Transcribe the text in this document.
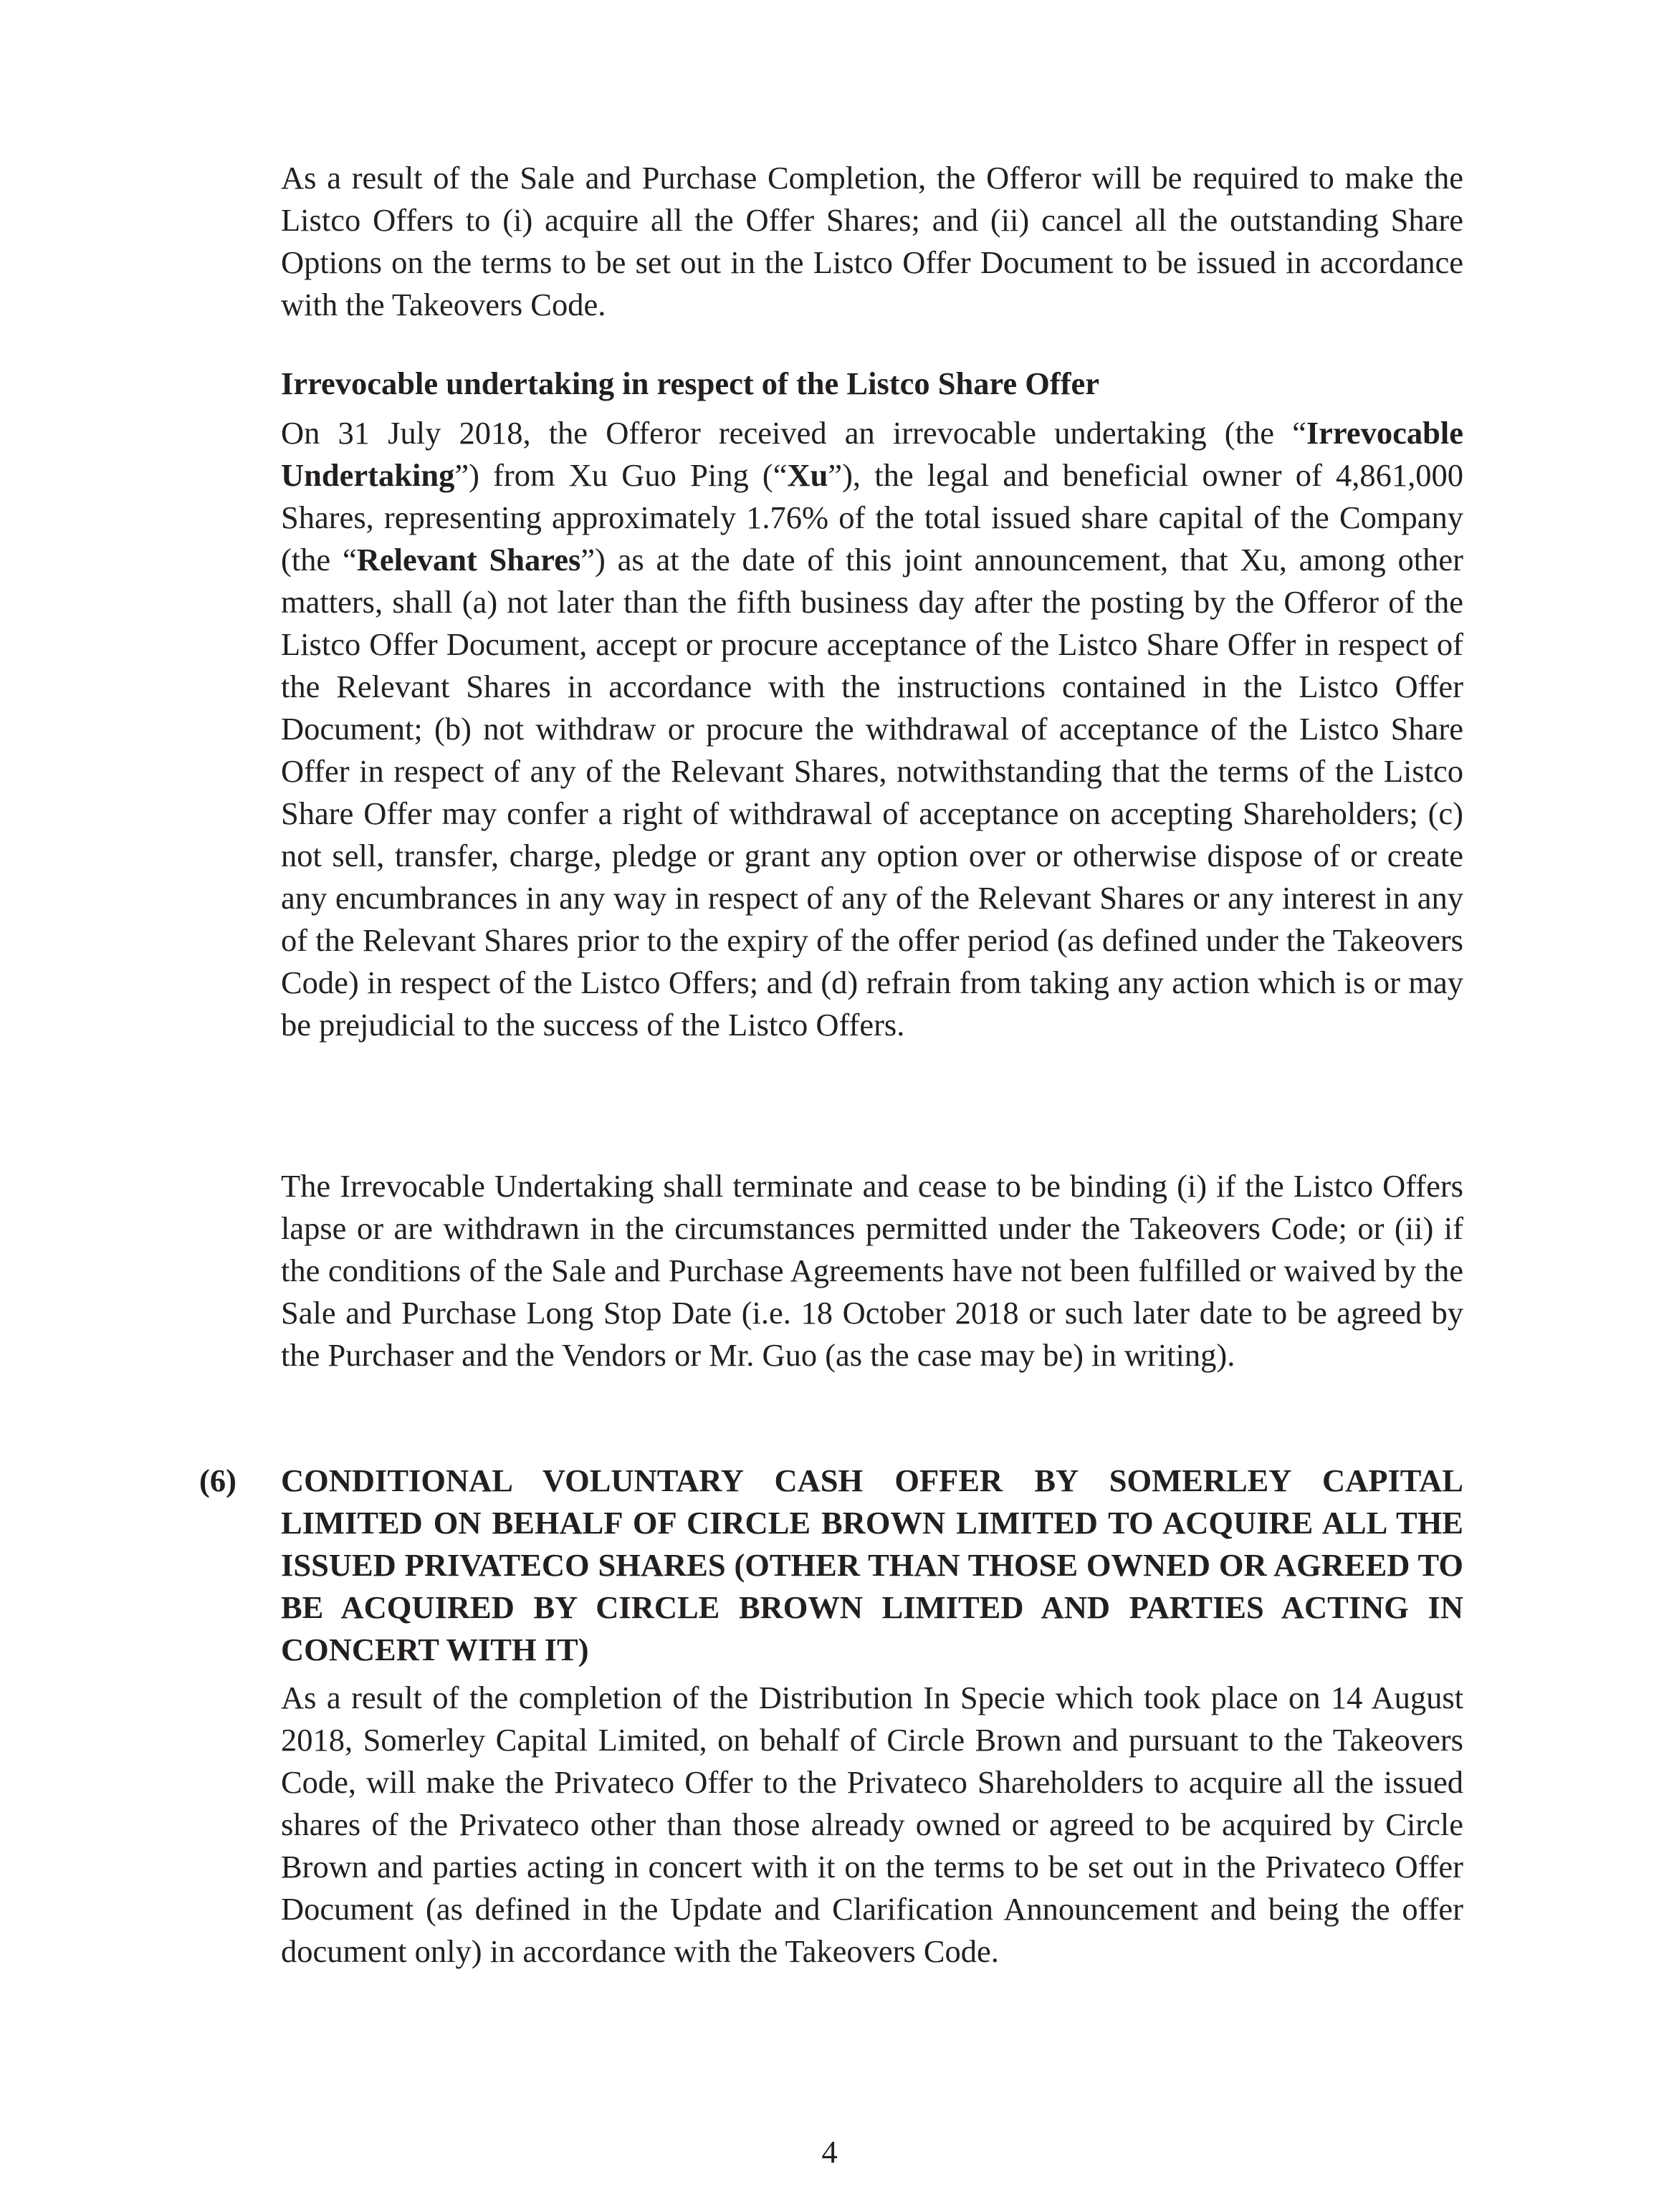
As a result of the Sale and Purchase Completion, the Offeror will be required to make the Listco Offers to (i) acquire all the Offer Shares; and (ii) cancel all the outstanding Share Options on the terms to be set out in the Listco Offer Document to be issued in accordance with the Takeovers Code.

Irrevocable undertaking in respect of the Listco Share Offer

On 31 July 2018, the Offeror received an irrevocable undertaking (the “Irrevocable Undertaking”) from Xu Guo Ping (“Xu”), the legal and beneficial owner of 4,861,000 Shares, representing approximately 1.76% of the total issued share capital of the Company (the “Relevant Shares”) as at the date of this joint announcement, that Xu, among other matters, shall (a) not later than the fifth business day after the posting by the Offeror of the Listco Offer Document, accept or procure acceptance of the Listco Share Offer in respect of the Relevant Shares in accordance with the instructions contained in the Listco Offer Document; (b) not withdraw or procure the withdrawal of acceptance of the Listco Share Offer in respect of any of the Relevant Shares, notwithstanding that the terms of the Listco Share Offer may confer a right of withdrawal of acceptance on accepting Shareholders; (c) not sell, transfer, charge, pledge or grant any option over or otherwise dispose of or create any encumbrances in any way in respect of any of the Relevant Shares or any interest in any of the Relevant Shares prior to the expiry of the offer period (as defined under the Takeovers Code) in respect of the Listco Offers; and (d) refrain from taking any action which is or may be prejudicial to the success of the Listco Offers.

The Irrevocable Undertaking shall terminate and cease to be binding (i) if the Listco Offers lapse or are withdrawn in the circumstances permitted under the Takeovers Code; or (ii) if the conditions of the Sale and Purchase Agreements have not been fulfilled or waived by the Sale and Purchase Long Stop Date (i.e. 18 October 2018 or such later date to be agreed by the Purchaser and the Vendors or Mr. Guo (as the case may be) in writing).

(6) CONDITIONAL VOLUNTARY CASH OFFER BY SOMERLEY CAPITAL LIMITED ON BEHALF OF CIRCLE BROWN LIMITED TO ACQUIRE ALL THE ISSUED PRIVATECO SHARES (OTHER THAN THOSE OWNED OR AGREED TO BE ACQUIRED BY CIRCLE BROWN LIMITED AND PARTIES ACTING IN CONCERT WITH IT)

As a result of the completion of the Distribution In Specie which took place on 14 August 2018, Somerley Capital Limited, on behalf of Circle Brown and pursuant to the Takeovers Code, will make the Privateco Offer to the Privateco Shareholders to acquire all the issued shares of the Privateco other than those already owned or agreed to be acquired by Circle Brown and parties acting in concert with it on the terms to be set out in the Privateco Offer Document (as defined in the Update and Clarification Announcement and being the offer document only) in accordance with the Takeovers Code.

4
